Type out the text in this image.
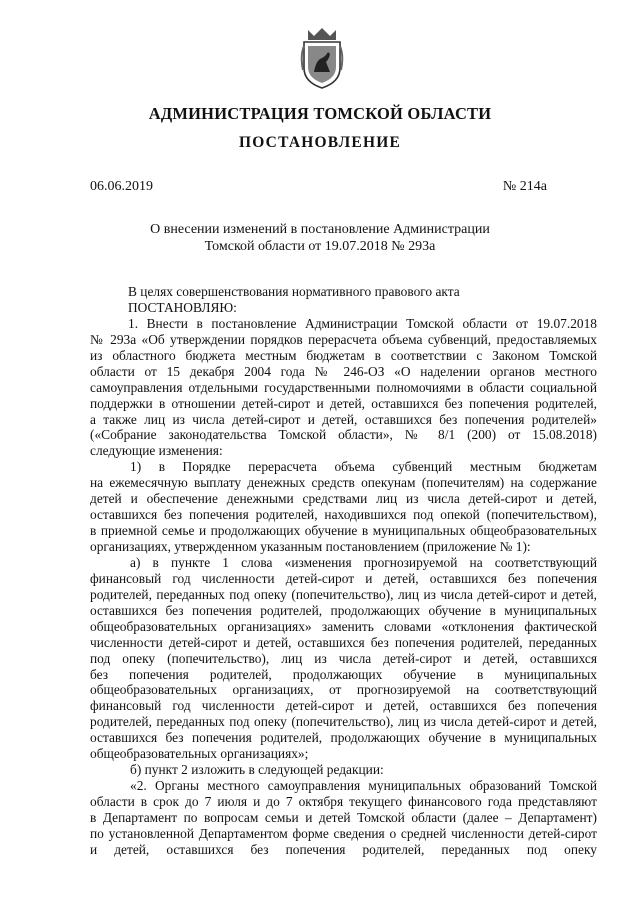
АДМИНИСТРАЦИЯ ТОМСКОЙ ОБЛАСТИ
ПОСТАНОВЛЕНИЕ
06.06.2019	№ 214а
О внесении изменений в постановление Администрации
Томской области от 19.07.2018 № 293а
В целях совершенствования нормативного правового акта
ПОСТАНОВЛЯЮ:
1. Внести в постановление Администрации Томской области от 19.07.2018
№ 293а «Об утверждении порядков перерасчета объема субвенций, предоставляемых
из областного бюджета местным бюджетам в соответствии с Законом Томской
области от 15 декабря 2004 года № 246-ОЗ «О наделении органов местного
самоуправления отдельными государственными полномочиями в области социальной
поддержки в отношении детей-сирот и детей, оставшихся без попечения родителей,
а также лиц из числа детей-сирот и детей, оставшихся без попечения родителей»
(«Собрание законодательства Томской области», № 8/1 (200) от 15.08.2018)
следующие изменения:
1) в Порядке перерасчета объема субвенций местным бюджетам
на ежемесячную выплату денежных средств опекунам (попечителям) на содержание
детей и обеспечение денежными средствами лиц из числа детей-сирот и детей,
оставшихся без попечения родителей, находившихся под опекой (попечительством),
в приемной семье и продолжающих обучение в муниципальных общеобразовательных
организациях, утвержденном указанным постановлением (приложение № 1):
а) в пункте 1 слова «изменения прогнозируемой на соответствующий
финансовый год численности детей-сирот и детей, оставшихся без попечения
родителей, переданных под опеку (попечительство), лиц из числа детей-сирот и детей,
оставшихся без попечения родителей, продолжающих обучение в муниципальных
общеобразовательных организациях» заменить словами «отклонения фактической
численности детей-сирот и детей, оставшихся без попечения родителей, переданных
под опеку (попечительство), лиц из числа детей-сирот и детей, оставшихся
без попечения родителей, продолжающих обучение в муниципальных
общеобразовательных организациях, от прогнозируемой на соответствующий
финансовый год численности детей-сирот и детей, оставшихся без попечения
родителей, переданных под опеку (попечительство), лиц из числа детей-сирот и детей,
оставшихся без попечения родителей, продолжающих обучение в муниципальных
общеобразовательных организациях»;
б) пункт 2 изложить в следующей редакции:
«2. Органы местного самоуправления муниципальных образований Томской
области в срок до 7 июля и до 7 октября текущего финансового года представляют
в Департамент по вопросам семьи и детей Томской области (далее – Департамент)
по установленной Департаментом форме сведения о средней численности детей-сирот
и детей, оставшихся без попечения родителей, переданных под опеку
